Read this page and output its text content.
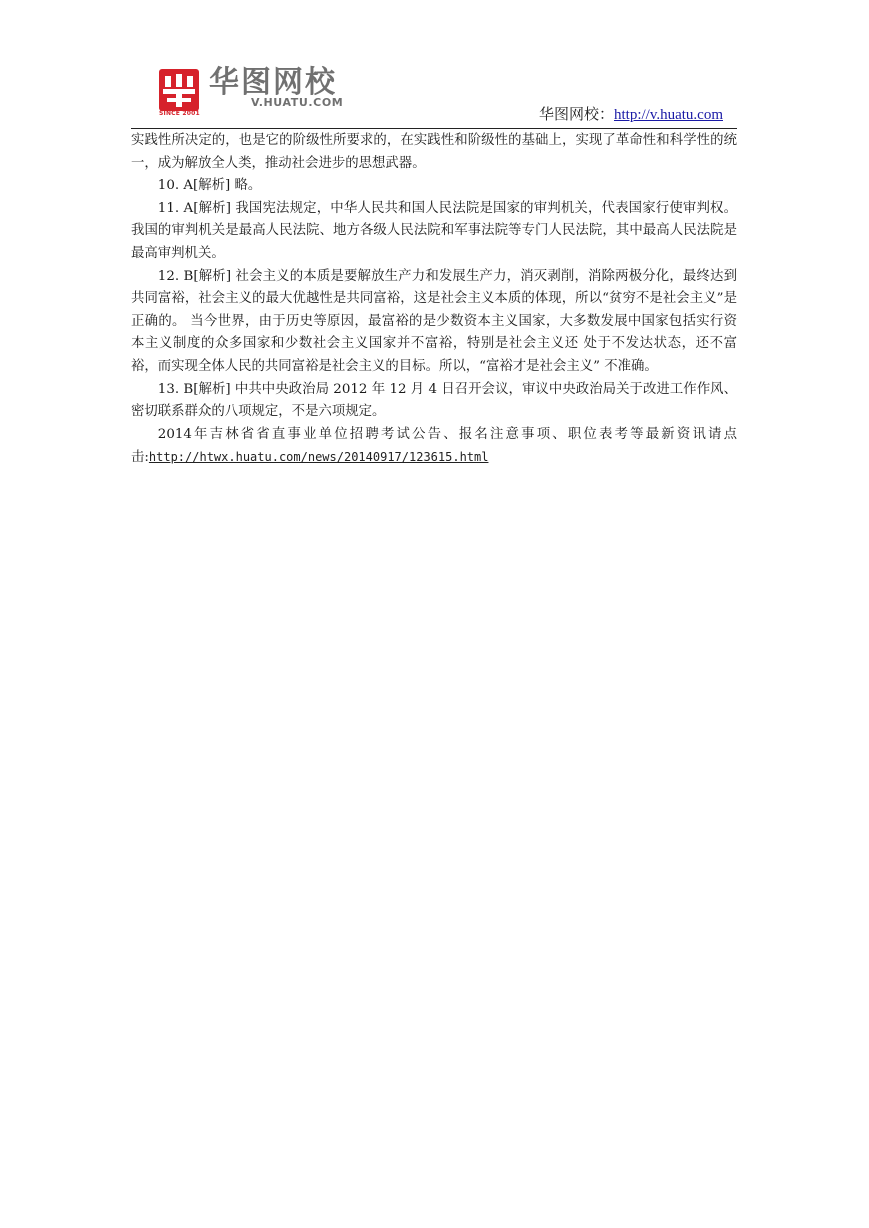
SINCE 2001
华图网校
V.HUATU.COM
华图网校：http://v.huatu.com

实践性所决定的，也是它的阶级性所要求的，在实践性和阶级性的基础上，实现了革命性和科学性的统一，成为解放全人类，推动社会进步的思想武器。

10. A[解析] 略。

11. A[解析] 我国宪法规定，中华人民共和国人民法院是国家的审判机关，代表国家行使审判权。我国的审判机关是最高人民法院、地方各级人民法院和军事法院等专门人民法院，其中最高人民法院是最高审判机关。

12. B[解析] 社会主义的本质是要解放生产力和发展生产力，消灭剥削，消除两极分化，最终达到共同富裕，社会主义的最大优越性是共同富裕，这是社会主义本质的体现，所以“贫穷不是社会主义”是正确的。 当今世界，由于历史等原因，最富裕的是少数资本主义国家，大多数发展中国家包括实行资本主义制度的众多国家和少数社会主义国家并不富裕，特别是社会主义还 处于不发达状态，还不富裕，而实现全体人民的共同富裕是社会主义的目标。所以，“富裕才是社会主义” 不准确。

13. B[解析] 中共中央政治局 2012 年 12 月 4 日召开会议，审议中央政治局关于改进工作作风、密切联系群众的八项规定，不是六项规定。

2014年吉林省省直事业单位招聘考试公告、报名注意事项、职位表考等最新资讯请点击:http://htwx.huatu.com/news/20140917/123615.html
